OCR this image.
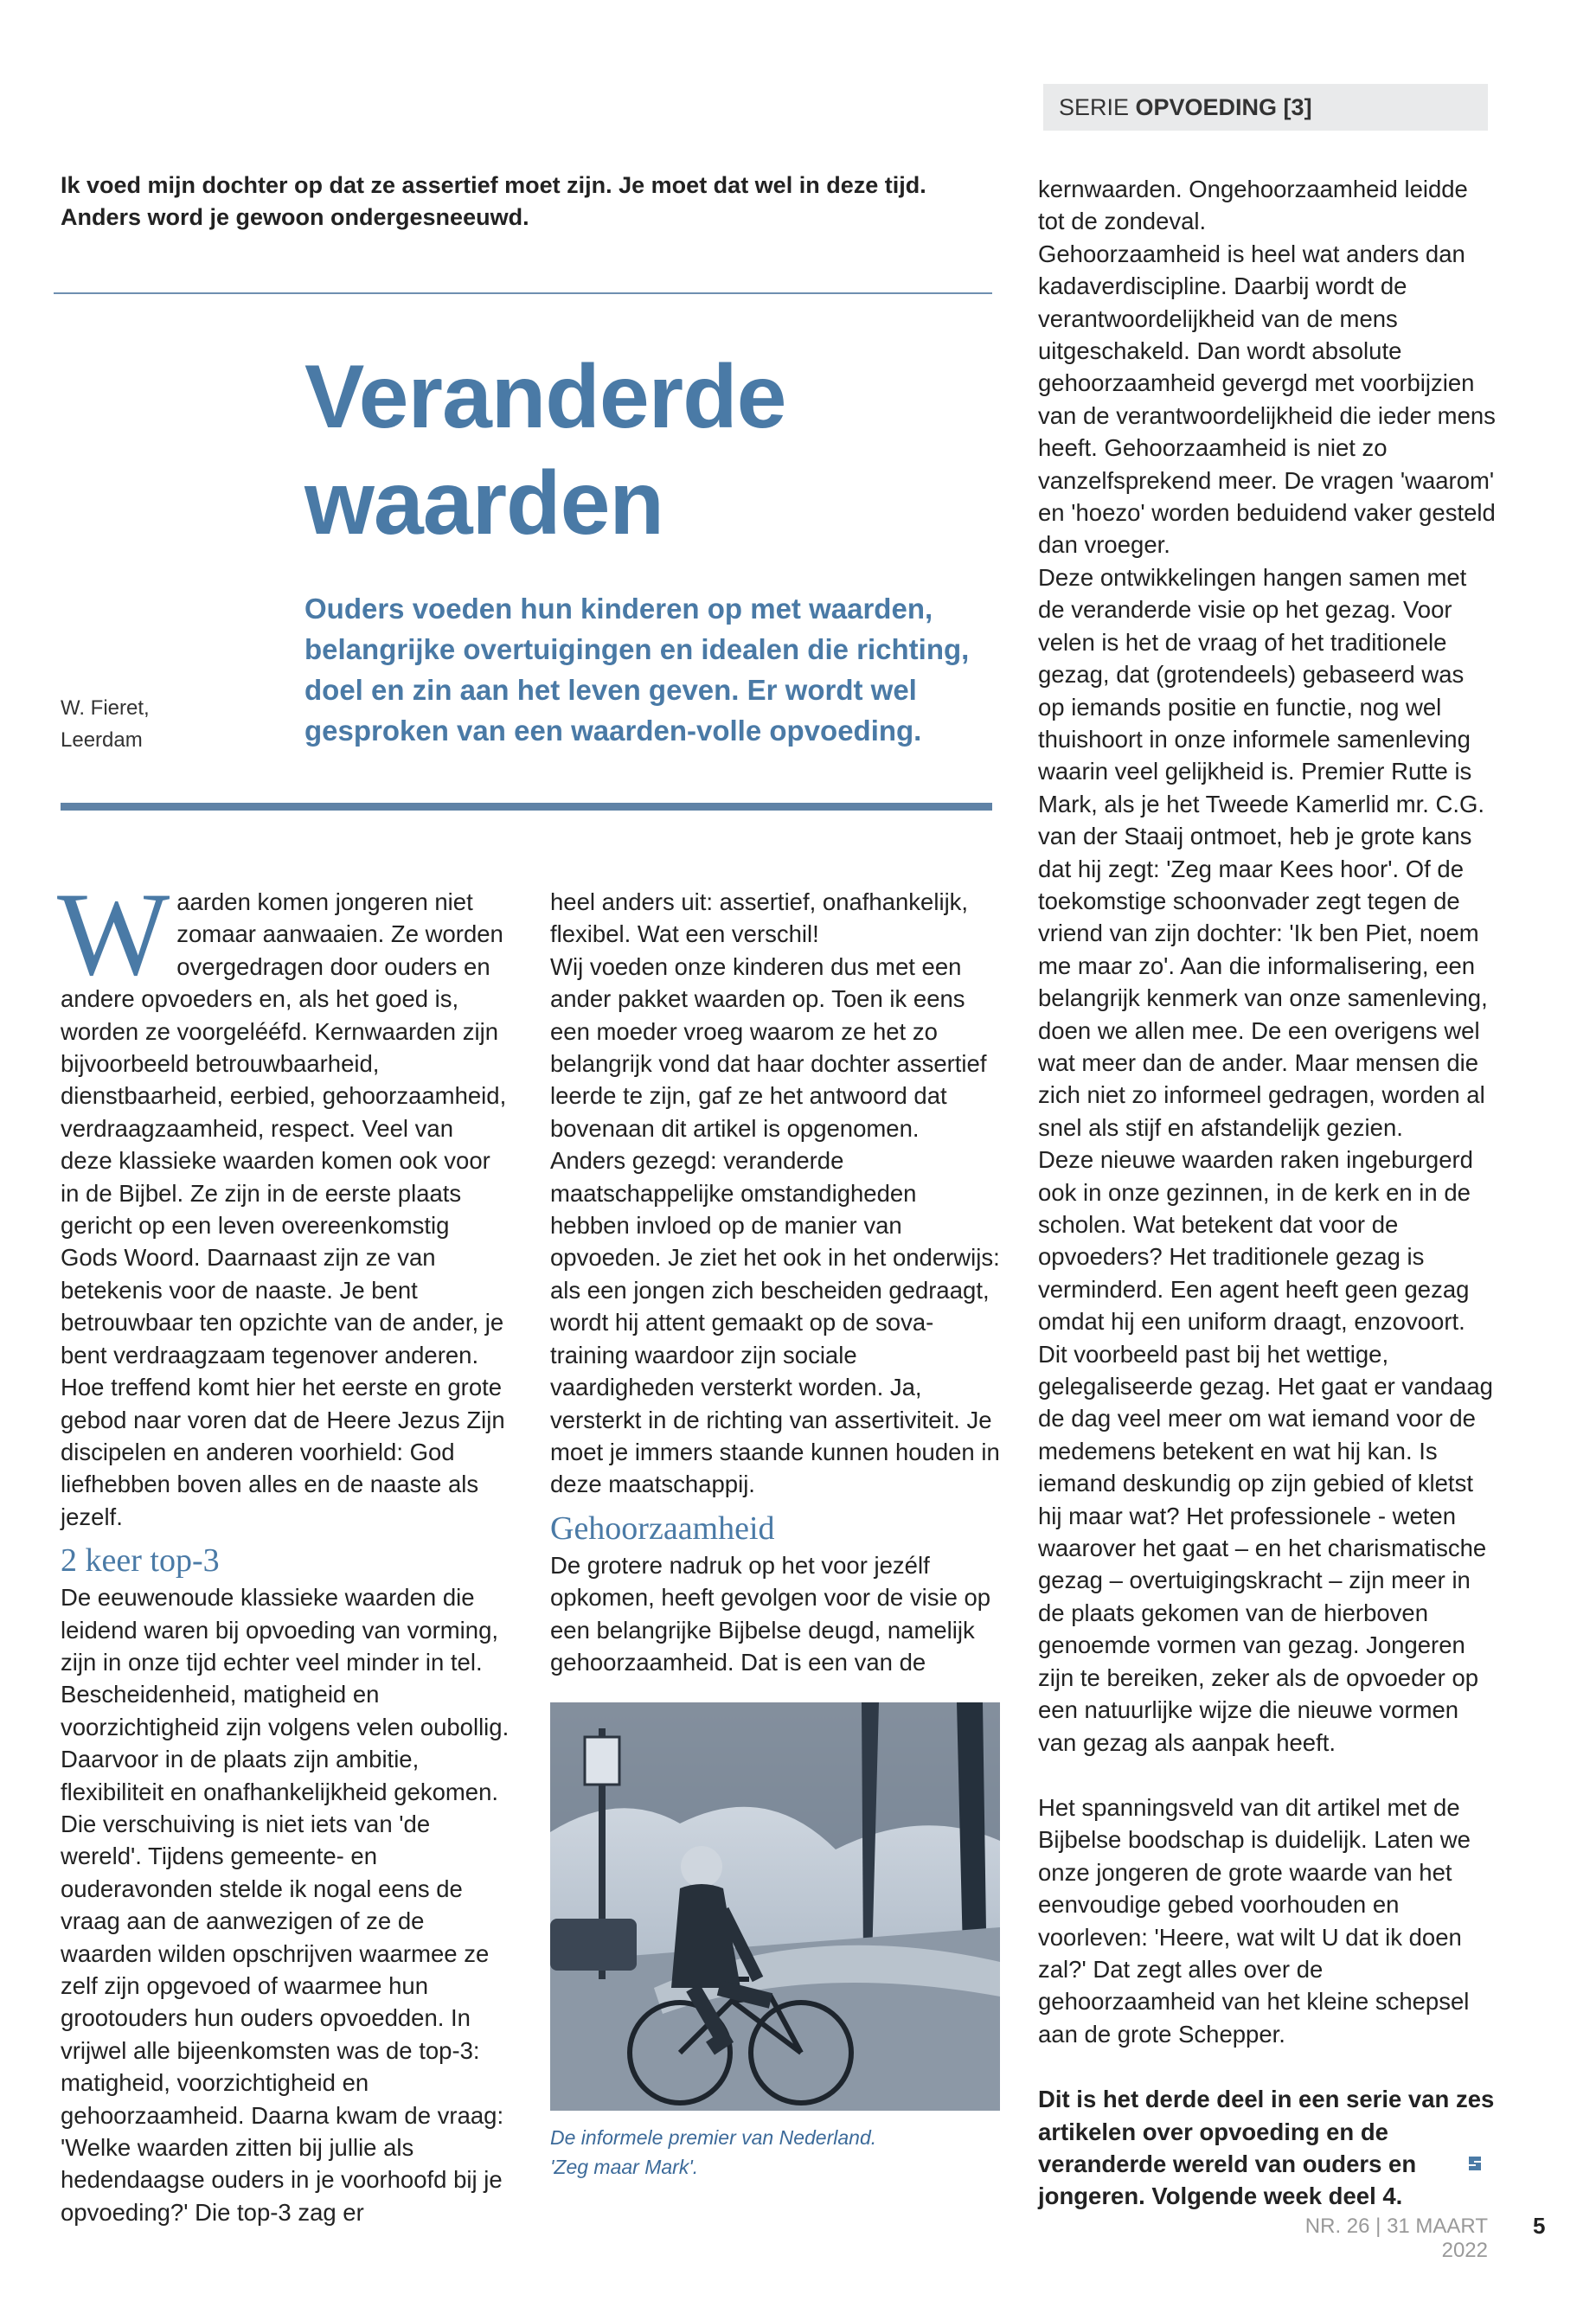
SERIE OPVOEDING [3]
Ik voed mijn dochter op dat ze assertief moet zijn. Je moet dat wel in deze tijd. Anders word je gewoon ondergesneeuwd.
Veranderde
waarden
Ouders voeden hun kinderen op met waarden, belangrijke overtuigingen en idealen die richting, doel en zin aan het leven geven. Er wordt wel gesproken van een waarden-volle opvoeding.
W. Fieret,
Leerdam

Waarden komen jongeren niet zomaar aanwaaien. Ze worden overgedragen door ouders en andere opvoeders en, als het goed is, worden ze voorgelééfd. Kernwaarden zijn bijvoorbeeld betrouwbaarheid, dienstbaarheid, eerbied, gehoorzaamheid, verdraagzaamheid, respect. Veel van deze klassieke waarden komen ook voor in de Bijbel. Ze zijn in de eerste plaats gericht op een leven overeenkomstig Gods Woord. Daarnaast zijn ze van betekenis voor de naaste. Je bent betrouwbaar ten opzichte van de ander, je bent verdraagzaam tegenover anderen. Hoe treffend komt hier het eerste en grote gebod naar voren dat de Heere Jezus Zijn discipelen en anderen voorhield: God liefhebben boven alles en de naaste als jezelf.

2 keer top-3

De eeuwenoude klassieke waarden die leidend waren bij opvoeding van vorming, zijn in onze tijd echter veel minder in tel. Bescheidenheid, matigheid en voorzichtigheid zijn volgens velen oubollig. Daarvoor in de plaats zijn ambitie, flexibiliteit en onafhankelijkheid gekomen.

Die verschuiving is niet iets van 'de wereld'. Tijdens gemeente- en ouderavonden stelde ik nogal eens de vraag aan de aanwezigen of ze de waarden wilden opschrijven waarmee ze zelf zijn opgevoed of waarmee hun grootouders hun ouders opvoedden. In vrijwel alle bijeenkomsten was de top-3: matigheid, voorzichtigheid en gehoorzaamheid. Daarna kwam de vraag: 'Welke waarden zitten bij jullie als hedendaagse ouders in je voorhoofd bij je opvoeding?' Die top-3 zag er

heel anders uit: assertief, onafhankelijk, flexibel. Wat een verschil!

Wij voeden onze kinderen dus met een ander pakket waarden op. Toen ik eens een moeder vroeg waarom ze het zo belangrijk vond dat haar dochter assertief leerde te zijn, gaf ze het antwoord dat bovenaan dit artikel is opgenomen.

Anders gezegd: veranderde maatschappelijke omstandigheden hebben invloed op de manier van opvoeden. Je ziet het ook in het onderwijs: als een jongen zich bescheiden gedraagt, wordt hij attent gemaakt op de sova-training waardoor zijn sociale vaardigheden versterkt worden. Ja, versterkt in de richting van assertiviteit. Je moet je immers staande kunnen houden in deze maatschappij.

Gehoorzaamheid

De grotere nadruk op het voor jezélf opkomen, heeft gevolgen voor de visie op een belangrijke Bijbelse deugd, namelijk gehoorzaamheid. Dat is een van de

De informele premier van Nederland.
'Zeg maar Mark'.

kernwaarden. Ongehoorzaamheid leidde tot de zondeval.

Gehoorzaamheid is heel wat anders dan kadaverdiscipline. Daarbij wordt de verantwoordelijkheid van de mens uitgeschakeld. Dan wordt absolute gehoorzaamheid gevergd met voorbijzien van de verantwoordelijkheid die ieder mens heeft. Gehoorzaamheid is niet zo vanzelfsprekend meer. De vragen 'waarom' en 'hoezo' worden beduidend vaker gesteld dan vroeger.

Deze ontwikkelingen hangen samen met de veranderde visie op het gezag. Voor velen is het de vraag of het traditionele gezag, dat (grotendeels) gebaseerd was op iemands positie en functie, nog wel thuishoort in onze informele samenleving waarin veel gelijkheid is. Premier Rutte is Mark, als je het Tweede Kamerlid mr. C.G. van der Staaij ontmoet, heb je grote kans dat hij zegt: 'Zeg maar Kees hoor'. Of de toekomstige schoonvader zegt tegen de vriend van zijn dochter: 'Ik ben Piet, noem me maar zo'. Aan die informalisering, een belangrijk kenmerk van onze samenleving, doen we allen mee. De een overigens wel wat meer dan de ander. Maar mensen die zich niet zo informeel gedragen, worden al snel als stijf en afstandelijk gezien.

Deze nieuwe waarden raken ingeburgerd ook in onze gezinnen, in de kerk en in de scholen. Wat betekent dat voor de opvoeders? Het traditionele gezag is verminderd. Een agent heeft geen gezag omdat hij een uniform draagt, enzovoort. Dit voorbeeld past bij het wettige, gelegaliseerde gezag. Het gaat er vandaag de dag veel meer om wat iemand voor de medemens betekent en wat hij kan. Is iemand deskundig op zijn gebied of kletst hij maar wat? Het professionele - weten waarover het gaat – en het charismatische gezag – overtuigingskracht – zijn meer in de plaats gekomen van de hierboven genoemde vormen van gezag. Jongeren zijn te bereiken, zeker als de opvoeder op een natuurlijke wijze die nieuwe vormen van gezag als aanpak heeft.

Het spanningsveld van dit artikel met de Bijbelse boodschap is duidelijk. Laten we onze jongeren de grote waarde van het eenvoudige gebed voorhouden en voorleven: 'Heere, wat wilt U dat ik doen zal?' Dat zegt alles over de gehoorzaamheid van het kleine schepsel aan de grote Schepper.

Dit is het derde deel in een serie van zes artikelen over opvoeding en de veranderde wereld van ouders en jongeren. Volgende week deel 4.

NR. 26 | 31 MAART 2022
5
